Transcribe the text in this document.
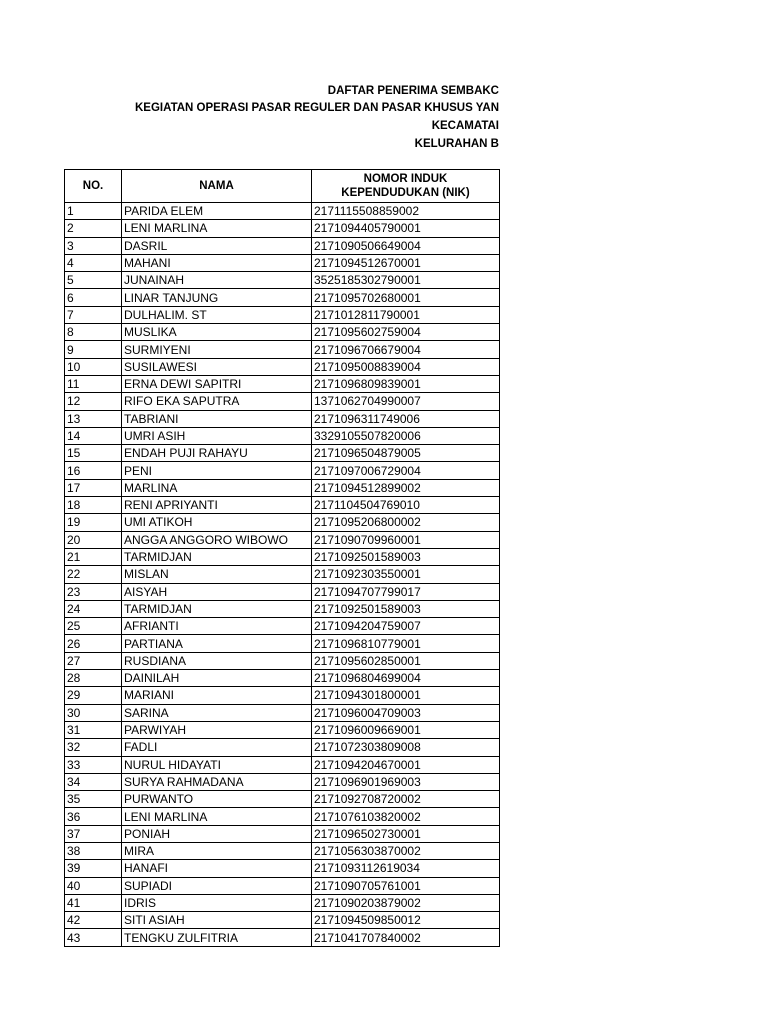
DAFTAR PENERIMA SEMBAKC
KEGIATAN OPERASI PASAR REGULER DAN PASAR KHUSUS YAN
KECAMATAI
KELURAHAN B
NO.	NAMA	NOMOR INDUK KEPENDUDUKAN (NIK)
1	PARIDA ELEM	2171115508859002
2	LENI MARLINA	2171094405790001
3	DASRIL	2171090506649004
4	MAHANI	2171094512670001
5	JUNAINAH	3525185302790001
6	LINAR TANJUNG	2171095702680001
7	DULHALIM. ST	2171012811790001
8	MUSLIKA	2171095602759004
9	SURMIYENI	2171096706679004
10	SUSILAWESI	2171095008839004
11	ERNA DEWI SAPITRI	2171096809839001
12	RIFO EKA SAPUTRA	1371062704990007
13	TABRIANI	2171096311749006
14	UMRI ASIH	3329105507820006
15	ENDAH PUJI RAHAYU	2171096504879005
16	PENI	2171097006729004
17	MARLINA	2171094512899002
18	RENI APRIYANTI	2171104504769010
19	UMI ATIKOH	2171095206800002
20	ANGGA ANGGORO WIBOWO	2171090709960001
21	TARMIDJAN	2171092501589003
22	MISLAN	2171092303550001
23	AISYAH	2171094707799017
24	TARMIDJAN	2171092501589003
25	AFRIANTI	2171094204759007
26	PARTIANA	2171096810779001
27	RUSDIANA	2171095602850001
28	DAINILAH	2171096804699004
29	MARIANI	2171094301800001
30	SARINA	2171096004709003
31	PARWIYAH	2171096009669001
32	FADLI	2171072303809008
33	NURUL HIDAYATI	2171094204670001
34	SURYA RAHMADANA	2171096901969003
35	PURWANTO	2171092708720002
36	LENI MARLINA	2171076103820002
37	PONIAH	2171096502730001
38	MIRA	2171056303870002
39	HANAFI	2171093112619034
40	SUPIADI	2171090705761001
41	IDRIS	2171090203879002
42	SITI ASIAH	2171094509850012
43	TENGKU ZULFITRIA	2171041707840002
